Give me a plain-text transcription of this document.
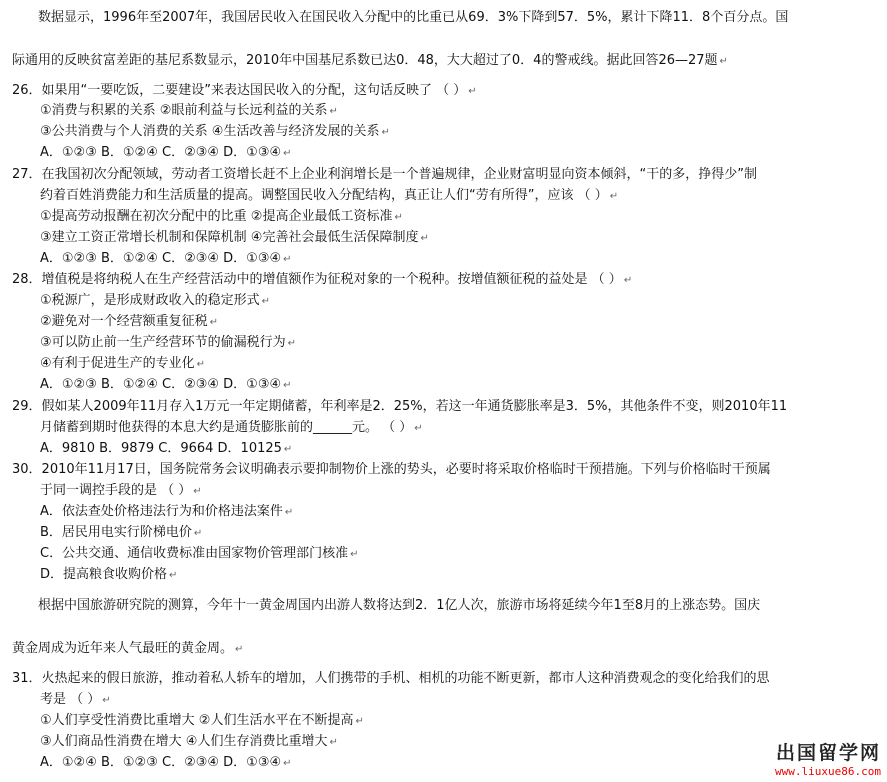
数据显示，1996年至2007年，我国居民收入在国民收入分配中的比重已从69．3%下降到57．5%，累计下降11．8个百分点。国
际通用的反映贫富差距的基尼系数显示，2010年中国基尼系数已达0．48，大大超过了0．4的警戒线。据此回答26—27题 ↵
26．如果用“一要吃饭，二要建设”来表达国民收入的分配，这句话反映了 （ ） ↵
①消费与积累的关系 ②眼前利益与长远利益的关系 ↵
③公共消费与个人消费的关系 ④生活改善与经济发展的关系 ↵
A．①②③ B．①②④ C．②③④ D．①③④ ↵
27．在我国初次分配领域，劳动者工资增长赶不上企业利润增长是一个普遍规律，企业财富明显向资本倾斜，“干的多，挣得少”制
约着百姓消费能力和生活质量的提高。调整国民收入分配结构，真正让人们“劳有所得”，应该 （ ） ↵
①提高劳动报酬在初次分配中的比重 ②提高企业最低工资标准 ↵
③建立工资正常增长机制和保障机制 ④完善社会最低生活保障制度 ↵
A．①②③ B．①②④ C．②③④ D．①③④ ↵
28．增值税是将纳税人在生产经营活动中的增值额作为征税对象的一个税种。按增值额征税的益处是 （ ） ↵
①税源广，是形成财政收入的稳定形式 ↵
②避免对一个经营额重复征税 ↵
③可以防止前一生产经营环节的偷漏税行为 ↵
④有利于促进生产的专业化 ↵
A．①②③ B．①②④ C．②③④ D．①③④ ↵
29．假如某人2009年11月存入1万元一年定期储蓄，年利率是2．25%，若这一年通货膨胀率是3．5%，其他条件不变，则2010年11
月储蓄到期时他获得的本息大约是通货膨胀前的______元。 （ ） ↵
A．9810 B．9879 C．9664 D．10125 ↵
30．2010年11月17日，国务院常务会议明确表示要抑制物价上涨的势头，必要时将采取价格临时干预措施。下列与价格临时干预属
于同一调控手段的是 （ ） ↵
A．依法查处价格违法行为和价格违法案件 ↵
B．居民用电实行阶梯电价 ↵
C．公共交通、通信收费标准由国家物价管理部门核准 ↵
D．提高粮食收购价格 ↵
根据中国旅游研究院的测算，今年十一黄金周国内出游人数将达到2．1亿人次，旅游市场将延续今年1至8月的上涨态势。国庆
黄金周成为近年来人气最旺的黄金周。 ↵
31．火热起来的假日旅游，推动着私人轿车的增加，人们携带的手机、相机的功能不断更新，都市人这种消费观念的变化给我们的思
考是 （ ） ↵
①人们享受性消费比重增大 ②人们生活水平在不断提高 ↵
③人们商品性消费在增大 ④人们生存消费比重增大 ↵
A．①②④ B．①②③ C．②③④ D．①③④ ↵	出国留学网
www.liuxue86.com
